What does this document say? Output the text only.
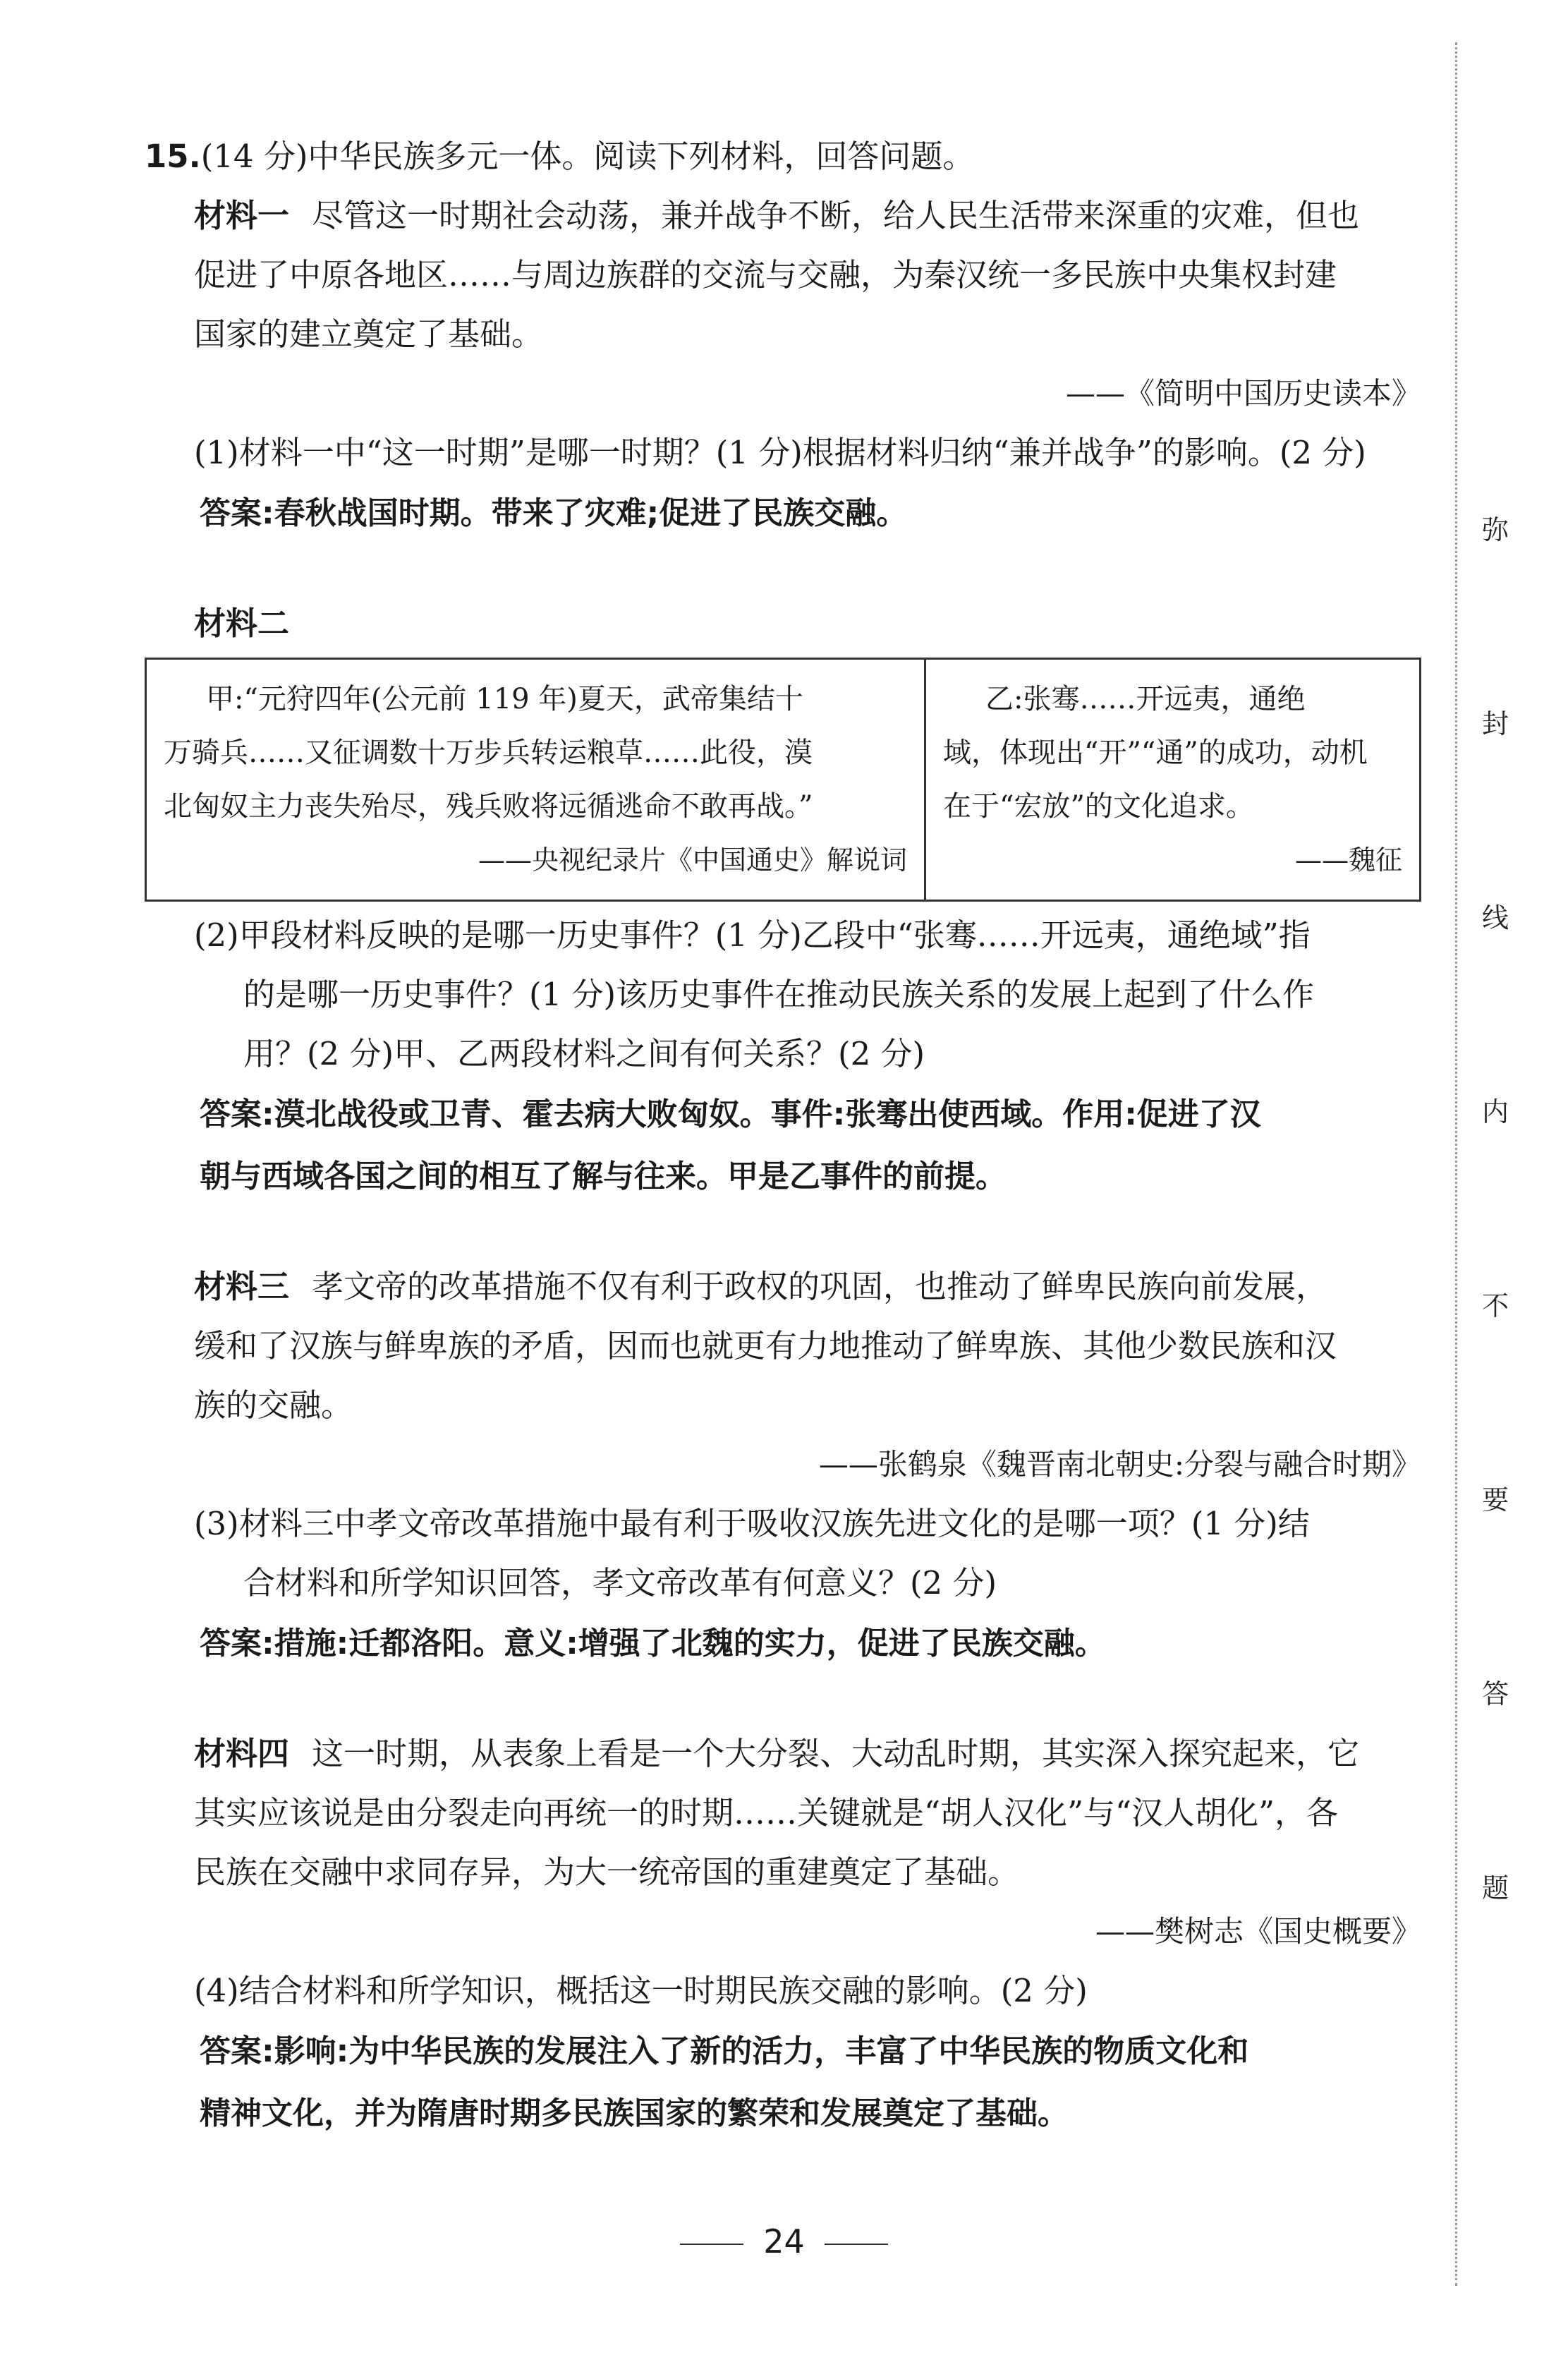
弥
封
线
内
不
要
答
题
15.(14 分)中华民族多元一体。阅读下列材料，回答问题。
材料一 尽管这一时期社会动荡，兼并战争不断，给人民生活带来深重的灾难，但也
促进了中原各地区……与周边族群的交流与交融，为秦汉统一多民族中央集权封建
国家的建立奠定了基础。
——《简明中国历史读本》
(1)材料一中“这一时期”是哪一时期？(1 分)根据材料归纳“兼并战争”的影响。(2 分)
答案:春秋战国时期。带来了灾难;促进了民族交融。
材料二
甲:“元狩四年(公元前 119 年)夏天，武帝集结十
万骑兵……又征调数十万步兵转运粮草……此役，漠
北匈奴主力丧失殆尽，残兵败将远循逃命不敢再战。”
——央视纪录片《中国通史》解说词
乙:张骞……开远夷，通绝
域，体现出“开”“通”的成功，动机
在于“宏放”的文化追求。
——魏征
(2)甲段材料反映的是哪一历史事件？(1 分)乙段中“张骞……开远夷，通绝域”指
的是哪一历史事件？(1 分)该历史事件在推动民族关系的发展上起到了什么作
用？(2 分)甲、乙两段材料之间有何关系？(2 分)
答案:漠北战役或卫青、霍去病大败匈奴。事件:张骞出使西域。作用:促进了汉
朝与西域各国之间的相互了解与往来。甲是乙事件的前提。
材料三 孝文帝的改革措施不仅有利于政权的巩固，也推动了鲜卑民族向前发展，
缓和了汉族与鲜卑族的矛盾，因而也就更有力地推动了鲜卑族、其他少数民族和汉
族的交融。
——张鹤泉《魏晋南北朝史:分裂与融合时期》
(3)材料三中孝文帝改革措施中最有利于吸收汉族先进文化的是哪一项？(1 分)结
合材料和所学知识回答，孝文帝改革有何意义？(2 分)
答案:措施:迁都洛阳。意义:增强了北魏的实力，促进了民族交融。
材料四 这一时期，从表象上看是一个大分裂、大动乱时期，其实深入探究起来，它
其实应该说是由分裂走向再统一的时期……关键就是“胡人汉化”与“汉人胡化”，各
民族在交融中求同存异，为大一统帝国的重建奠定了基础。
——樊树志《国史概要》
(4)结合材料和所学知识，概括这一时期民族交融的影响。(2 分)
答案:影响:为中华民族的发展注入了新的活力，丰富了中华民族的物质文化和
精神文化，并为隋唐时期多民族国家的繁荣和发展奠定了基础。
24
